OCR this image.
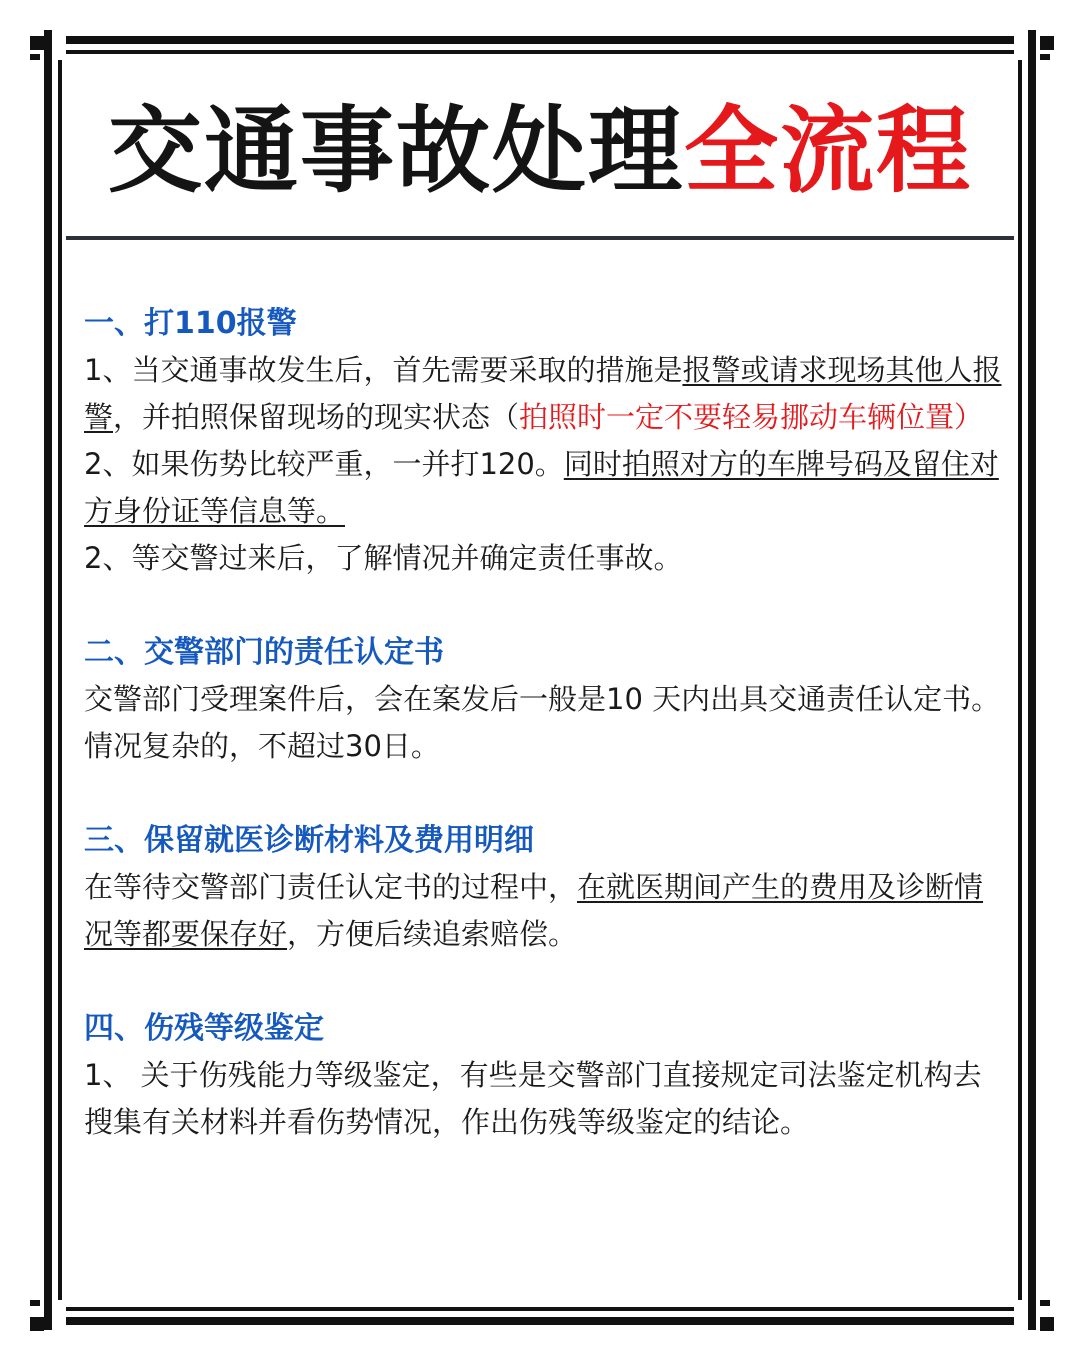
交通事故处理全流程

一、打110报警

1、当交通事故发生后，首先需要采取的措施是报警或请求现场其他人报警，并拍照保留现场的现实状态（拍照时一定不要轻易挪动车辆位置）

2、如果伤势比较严重，一并打120。同时拍照对方的车牌号码及留住对方身份证等信息等。

2、等交警过来后，了解情况并确定责任事故。

二、交警部门的责任认定书

交警部门受理案件后，会在案发后一般是10 天内出具交通责任认定书。情况复杂的，不超过30日。

三、保留就医诊断材料及费用明细

在等待交警部门责任认定书的过程中，在就医期间产生的费用及诊断情况等都要保存好，方便后续追索赔偿。

四、伤残等级鉴定

1、 关于伤残能力等级鉴定，有些是交警部门直接规定司法鉴定机构去搜集有关材料并看伤势情况，作出伤残等级鉴定的结论。
